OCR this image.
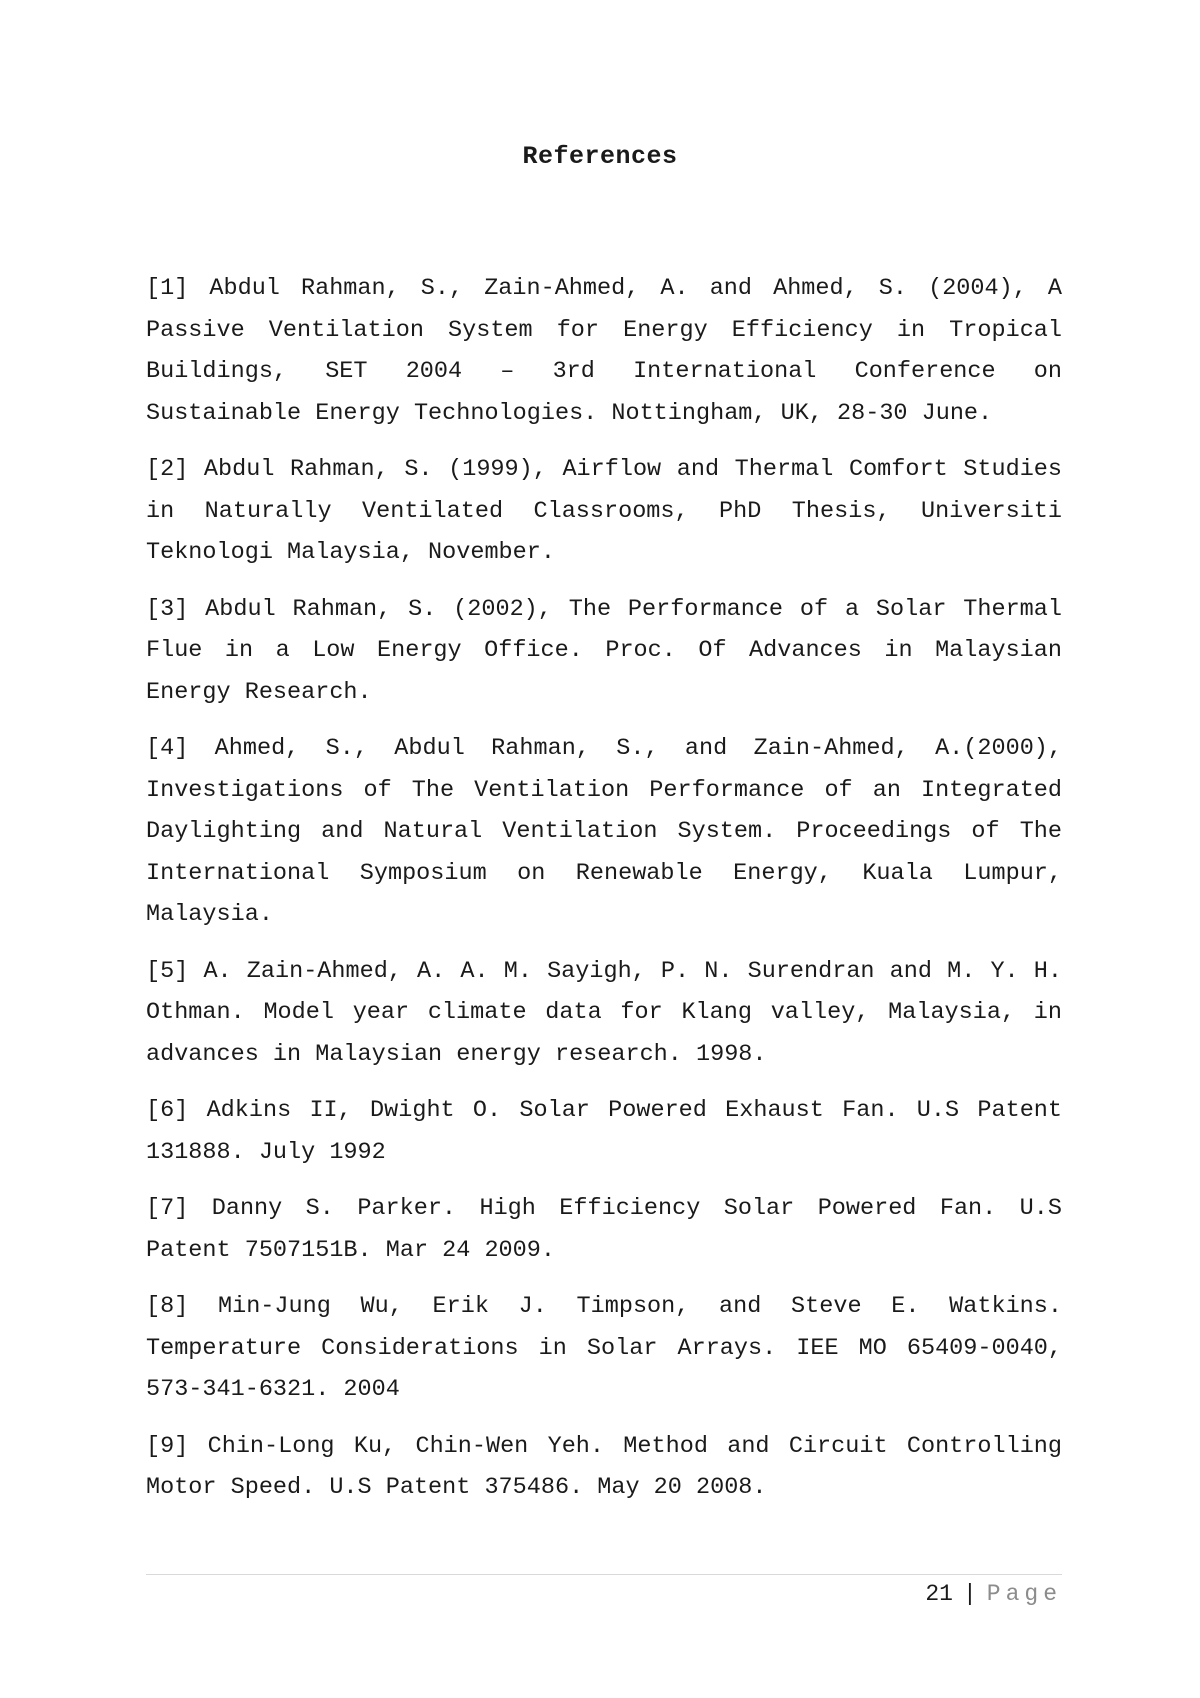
References

[1] Abdul Rahman, S., Zain-Ahmed, A. and Ahmed, S. (2004), A Passive Ventilation System for Energy Efficiency in Tropical Buildings, SET 2004 – 3rd International Conference on Sustainable Energy Technologies. Nottingham, UK, 28-30 June.

[2] Abdul Rahman, S. (1999), Airflow and Thermal Comfort Studies in Naturally Ventilated Classrooms, PhD Thesis, Universiti Teknologi Malaysia, November.

[3] Abdul Rahman, S. (2002), The Performance of a Solar Thermal Flue in a Low Energy Office. Proc. Of Advances in Malaysian Energy Research.

[4] Ahmed, S., Abdul Rahman, S., and Zain-Ahmed, A.(2000), Investigations of The Ventilation Performance of an Integrated Daylighting and Natural Ventilation System. Proceedings of The International Symposium on Renewable Energy, Kuala Lumpur, Malaysia.

[5] A. Zain-Ahmed, A. A. M. Sayigh, P. N. Surendran and M. Y. H. Othman. Model year climate data for Klang valley, Malaysia, in advances in Malaysian energy research. 1998.

[6] Adkins II, Dwight O. Solar Powered Exhaust Fan. U.S Patent 131888. July 1992

[7] Danny S. Parker. High Efficiency Solar Powered Fan. U.S Patent 7507151B. Mar 24 2009.

[8] Min-Jung Wu, Erik J. Timpson, and Steve E. Watkins. Temperature Considerations in Solar Arrays. IEE MO 65409-0040, 573-341-6321. 2004

[9] Chin-Long Ku, Chin-Wen Yeh. Method and Circuit Controlling Motor Speed. U.S Patent 375486. May 20 2008.

21 | Page
